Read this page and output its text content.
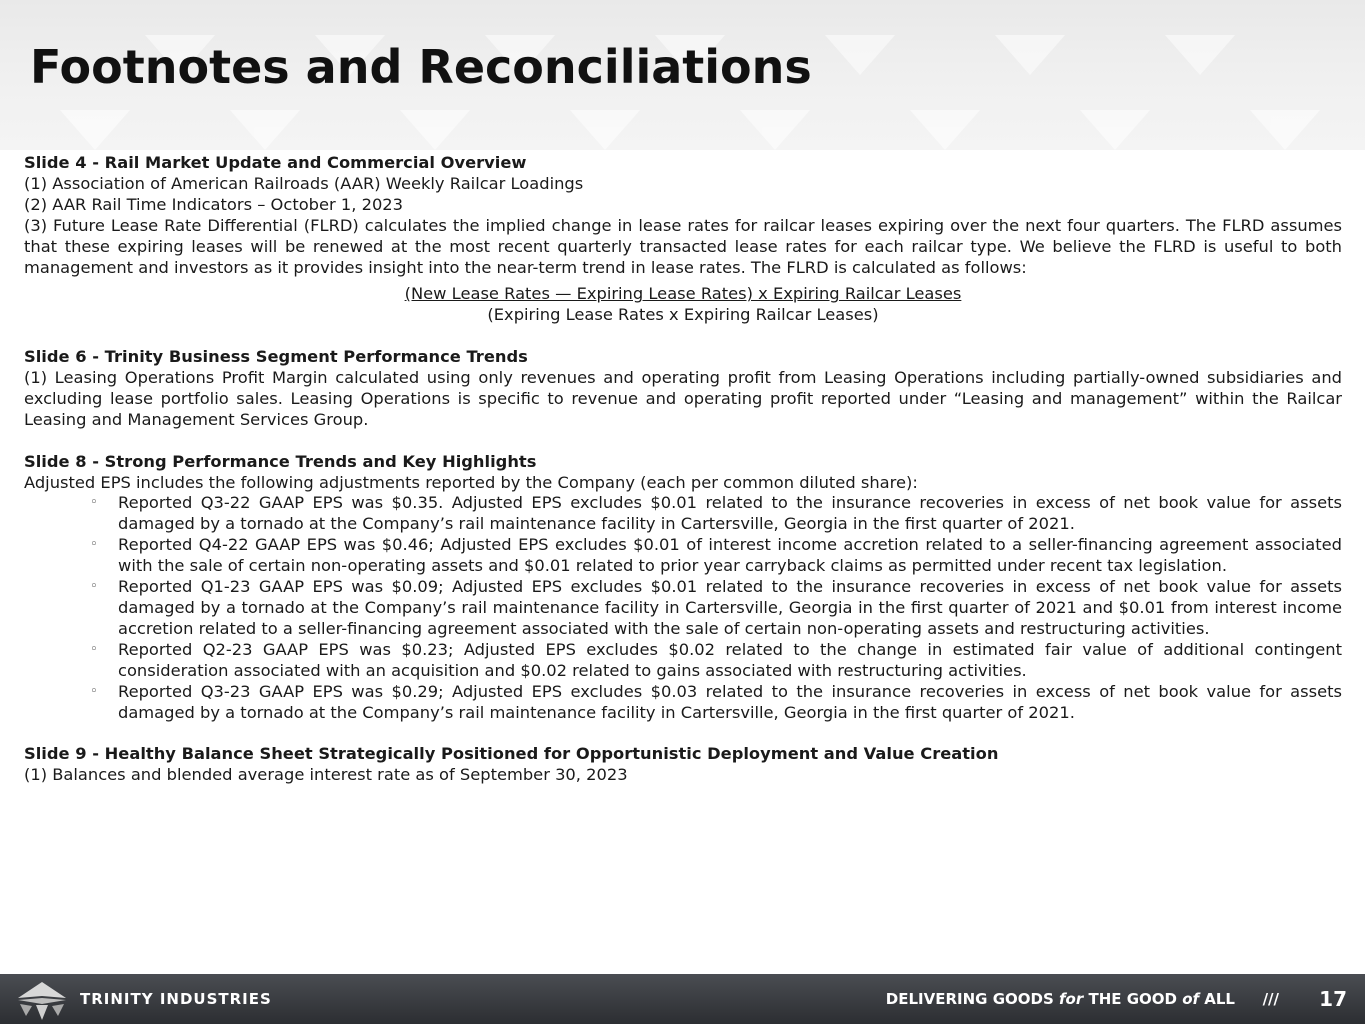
Footnotes and Reconciliations

Slide 4 - Rail Market Update and Commercial Overview

(1) Association of American Railroads (AAR) Weekly Railcar Loadings

(2) AAR Rail Time Indicators – October 1, 2023

(3) Future Lease Rate Differential (FLRD) calculates the implied change in lease rates for railcar leases expiring over the next four quarters. The FLRD assumes that these expiring leases will be renewed at the most recent quarterly transacted lease rates for each railcar type. We believe the FLRD is useful to both management and investors as it provides insight into the near-term trend in lease rates. The FLRD is calculated as follows:

(New Lease Rates — Expiring Lease Rates) x Expiring Railcar Leases
(Expiring Lease Rates x Expiring Railcar Leases)

Slide 6 - Trinity Business Segment Performance Trends

(1) Leasing Operations Profit Margin calculated using only revenues and operating profit from Leasing Operations including partially-owned subsidiaries and excluding lease portfolio sales. Leasing Operations is specific to revenue and operating profit reported under “Leasing and management” within the Railcar Leasing and Management Services Group.

Slide 8 - Strong Performance Trends and Key Highlights

Adjusted EPS includes the following adjustments reported by the Company (each per common diluted share):

◦ Reported Q3-22 GAAP EPS was $0.35. Adjusted EPS excludes $0.01 related to the insurance recoveries in excess of net book value for assets damaged by a tornado at the Company’s rail maintenance facility in Cartersville, Georgia in the first quarter of 2021.
◦ Reported Q4-22 GAAP EPS was $0.46; Adjusted EPS excludes $0.01 of interest income accretion related to a seller-financing agreement associated with the sale of certain non-operating assets and $0.01 related to prior year carryback claims as permitted under recent tax legislation.
◦ Reported Q1-23 GAAP EPS was $0.09; Adjusted EPS excludes $0.01 related to the insurance recoveries in excess of net book value for assets damaged by a tornado at the Company’s rail maintenance facility in Cartersville, Georgia in the first quarter of 2021 and $0.01 from interest income accretion related to a seller-financing agreement associated with the sale of certain non-operating assets and restructuring activities.
◦ Reported Q2-23 GAAP EPS was $0.23; Adjusted EPS excludes $0.02 related to the change in estimated fair value of additional contingent consideration associated with an acquisition and $0.02 related to gains associated with restructuring activities.
◦ Reported Q3-23 GAAP EPS was $0.29; Adjusted EPS excludes $0.03 related to the insurance recoveries in excess of net book value for assets damaged by a tornado at the Company’s rail maintenance facility in Cartersville, Georgia in the first quarter of 2021.

Slide 9 - Healthy Balance Sheet Strategically Positioned for Opportunistic Deployment and Value Creation

(1) Balances and blended average interest rate as of September 30, 2023

TRINITY INDUSTRIES	DELIVERING GOODS for THE GOOD of ALL /// 17
